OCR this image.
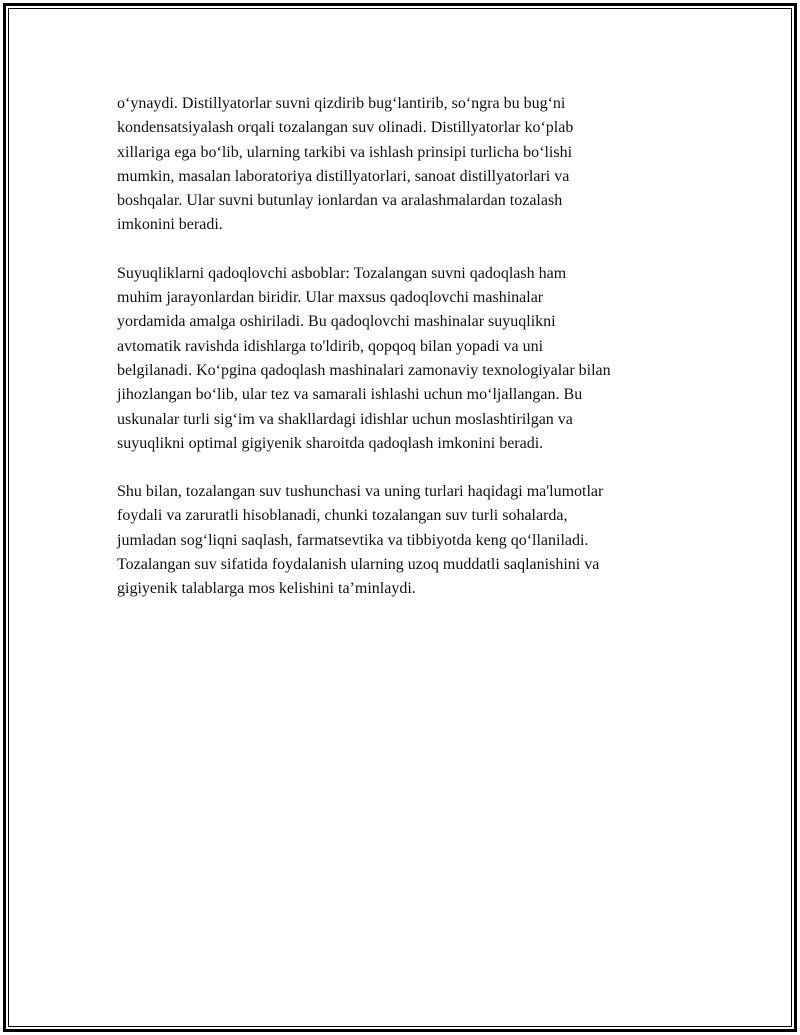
o‘ynaydi. Distillyatorlar suvni qizdirib bug‘lantirib, so‘ngra bu bug‘ni
kondensatsiyalash orqali tozalangan suv olinadi. Distillyatorlar ko‘plab
xillariga ega bo‘lib, ularning tarkibi va ishlash prinsipi turlicha bo‘lishi
mumkin, masalan laboratoriya distillyatorlari, sanoat distillyatorlari va
boshqalar. Ular suvni butunlay ionlardan va aralashmalardan tozalash
imkonini beradi.

Suyuqliklarni qadoqlovchi asboblar: Tozalangan suvni qadoqlash ham
muhim jarayonlardan biridir. Ular maxsus qadoqlovchi mashinalar
yordamida amalga oshiriladi. Bu qadoqlovchi mashinalar suyuqlikni
avtomatik ravishda idishlarga to'ldirib, qopqoq bilan yopadi va uni
belgilanadi. Ko‘pgina qadoqlash mashinalari zamonaviy texnologiyalar bilan
jihozlangan bo‘lib, ular tez va samarali ishlashi uchun mo‘ljallangan. Bu
uskunalar turli sig‘im va shakllardagi idishlar uchun moslashtirilgan va
suyuqlikni optimal gigiyenik sharoitda qadoqlash imkonini beradi.

Shu bilan, tozalangan suv tushunchasi va uning turlari haqidagi ma'lumotlar
foydali va zaruratli hisoblanadi, chunki tozalangan suv turli sohalarda,
jumladan sog‘liqni saqlash, farmatsevtika va tibbiyotda keng qo‘llaniladi.
Tozalangan suv sifatida foydalanish ularning uzoq muddatli saqlanishini va
gigiyenik talablarga mos kelishini ta’minlaydi.
